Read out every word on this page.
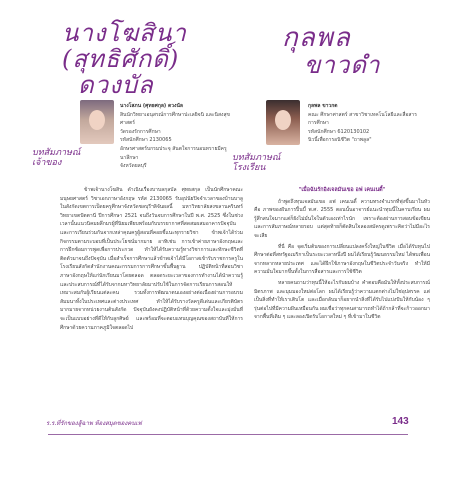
นางโฆสินา (สุทธิศักดิ์)
ดวงบัล
กุลพล
ขาวดำ
บทสัมภาษณ์ เจ้าของ	บทสัมภาษณ์ โรงเรียน
นางโสภน (ศุทธศกุล) ดวงนัล
สินนักวิทยาเอนุสรณ์การศึกษาปะเลยิจนิ และนิสงสุขศาสตร์
วัดรองรักการศึกษา
รหัสนักศึกษา 2130065
อักษรศาสตร์บกรมประจุ สันตใจการนอนทรายมีครูนาลึกษา
จังหวัดยลบุรี
กุลพล ขาวกด
คณะ ศึกษาศาสตร์ สาขาวิชาเทคโนโลยีและสื่อสาร
การศึกษา
รหัสนักศึกษา 6120130102
นิวนี้เพื่อการอนิชีวิต "ถาพลูล"
ข้าพเจ้านางโฆสิน ดำเนินเรื่องบาบลกุลบัล ศุทธสกุล เป็นนักศึกษาคณะมนุษยศาสตร์ วิชาเอกภาษาอังกฤษ รหัส 2130065 รับอุปนัยปิจจำเวลาของบ้านบาลูในสังกัดเขตการเป็ดยครูศึกษาจังหวัดชลบุรีฯลิจันผลนี้ มหาวิทยาลัยสงขลานครินทร์ วิทยาเขตปัตตานี ปีการศึกษา 2521 จนถึงวันจบการศึกษาในปี พ.ศ. 2525 ซึ่งในช่วงเวลานั้นแนวนิคมผลึกมรผู้ที่นิยมเพียบพร้อมกับบรรยากาศที่สดสมผสมอาคารปัจจุบันและการเรียนร่วมกันจากเหล่าคุณครูผู้สอนที่คอยชี้แนะทุกรายวิชา ข้าพเจ้าได้ร่วมกิจกรรมตามระบอบที่เป็นประโยชน์มากมาย อาทิเช่น การเข้าค่ายภาษาอังกฤษและการฝึกซ้อมการพูดเพื่อการประกวด ทำให้ได้รับความรู้ทางวิชาการและทักษะชีวิตที่ติดตัวมาจนถึงปัจจุบัน เมื่อสำเร็จการศึกษาแล้วข้าพเจ้าได้มีโอกาสเข้ารับราชการครูในโรงเรียนสังกัดสำนักงานคณะกรรมการการศึกษาขั้นพื้นฐาน ปฏิบัติหน้าที่สอนวิชาภาษาอังกฤษให้แก่นักเรียนมาโดยตลอด ตลอดระยะเวลาของการทำงานได้นำความรู้และประสบการณ์ที่ได้รับจากมหาวิทยาลัยมาปรับใช้ในการจัดการเรียนการสอนให้เหมาะสมกับผู้เรียนแต่ละคน รวมทั้งการพัฒนาตนเองอย่างต่อเนื่องผ่านการอบรมสัมมนาทั้งในประเทศและต่างประเทศ ทำให้ได้รับรางวัลครูดีเด่นและเกียรติบัตรมากมายจากหน่วยงานต้นสังกัด ปัจจุบันยังคงปฏิบัติหน้าที่ด้วยความตั้งใจและมุ่งมั่นที่จะเป็นแบบอย่างที่ดีให้กับลูกศิษย์ และพร้อมที่จะตอบแทนบุญคุณของสถาบันที่ให้การศึกษาด้วยความภาคภูมิใจตลอดไป
"เมื่อฉันรักอิงเจลมันเขอ อฟ เคนเนดี้"
ถ้าพูดถึงทุนเจลมันเขอ อฟ เคนเนดี้ ความทรงจำแรกที่พุ่งขึ้นมาในหัว คือ ภาพของฝันการปิ้นบี้ พ.ศ. 2555 ตอนนั้นอาจารย์แนะนำทุนนี้ในคาบเรียน ผมรู้สึกสนใจมากแต่ก็ยังไม่มั่นใจในตัวเองเท่าไรนัก เพราะต้องผ่านการสอบข้อเขียนและการสัมภาษณ์หลายรอบ แต่สุดท้ายก็ตัดสินใจลองสมัครดูเพราะคิดว่าไม่มีอะไรจะเสีย
ที่นี่ คือ จุดเริ่มต้นของการเปลี่ยนแปลงครั้งใหญ่ในชีวิต เมื่อได้รับทุนไปศึกษาต่อที่สหรัฐอเมริกาเป็นระยะเวลาหนึ่งปี ผมได้เรียนรู้วัฒนธรรมใหม่ ได้พบเพื่อนจากหลากหลายประเทศ และได้ฝึกใช้ภาษาอังกฤษในชีวิตประจำวันจริง ทำให้มีความมั่นใจมากขึ้นทั้งในการสื่อสารและการใช้ชีวิต
หลายคนถามว่าทุนนี้ให้อะไรกับผมบ้าง คำตอบคือมันให้ทั้งประสบการณ์ มิตรภาพ และมุมมองใหม่ต่อโลก ผมได้เรียนรู้ว่าความแตกต่างไม่ใช่อุปสรรค แต่เป็นสิ่งที่ทำให้เราเติบโต และเมื่อกลับมาก็อยากนำสิ่งที่ได้รับไปแบ่งปันให้กับน้อง ๆ รุ่นต่อไปที่มีความฝันเหมือนกัน ผมเชื่อว่าทุกคนสามารถทำได้ถ้ากล้าที่จะก้าวออกมาจากพื้นที่เดิม ๆ และลองเปิดรับโอกาสใหม่ ๆ ที่เข้ามาในชีวิต
ร.ร.ที่รักของสู้ฉาพ ห้องสมุดของคนเฟ	143
